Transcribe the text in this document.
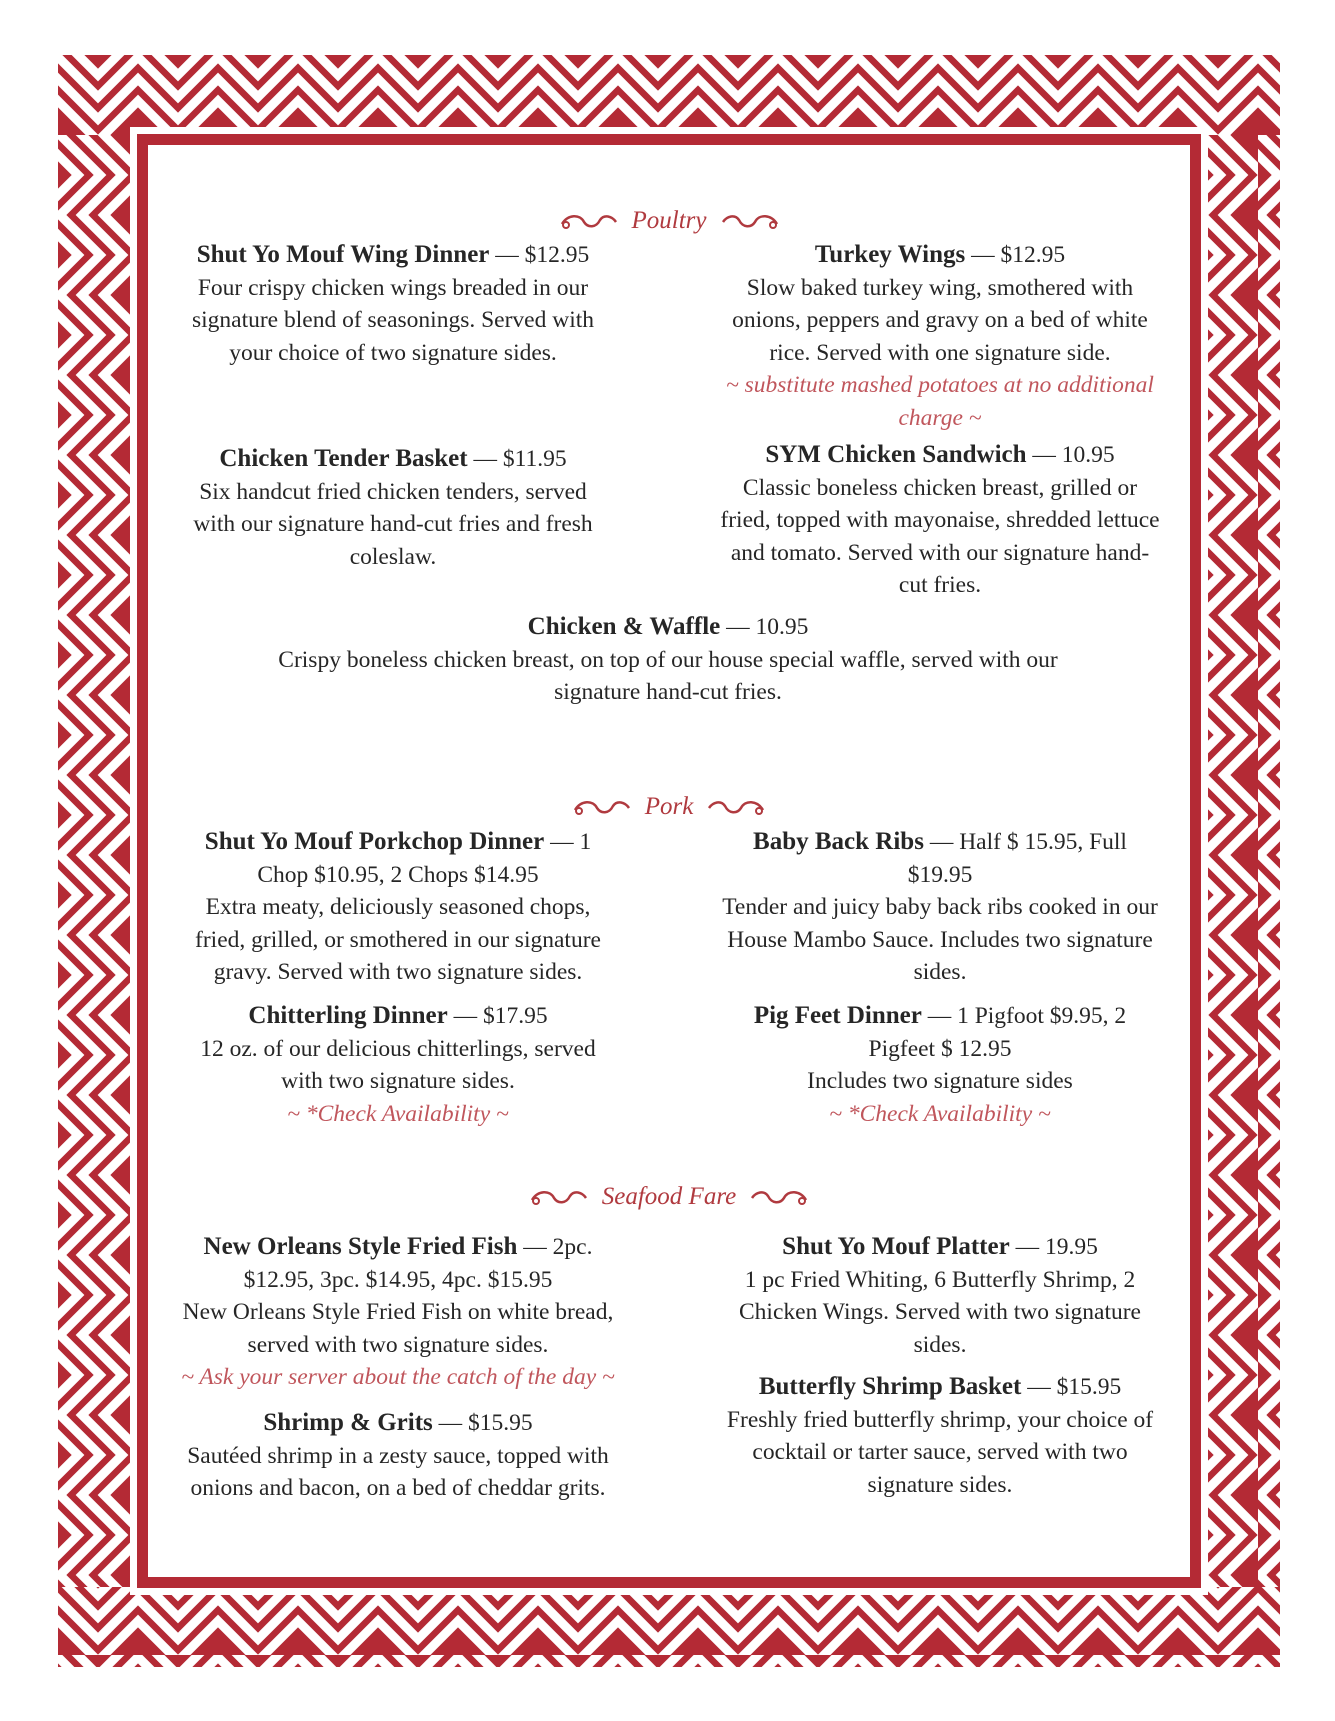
Poultry
Shut Yo Mouf Wing Dinner — $12.95
Four crispy chicken wings breaded in our signature blend of seasonings. Served with your choice of two signature sides.
Turkey Wings — $12.95
Slow baked turkey wing, smothered with onions, peppers and gravy on a bed of white rice. Served with one signature side.
~ substitute mashed potatoes at no additional charge ~
Chicken Tender Basket — $11.95
Six handcut fried chicken tenders, served with our signature hand-cut fries and fresh coleslaw.
SYM Chicken Sandwich — 10.95
Classic boneless chicken breast, grilled or fried, topped with mayonaise, shredded lettuce and tomato. Served with our signature hand-cut fries.
Chicken & Waffle — 10.95
Crispy boneless chicken breast, on top of our house special waffle, served with our signature hand-cut fries.
Pork
Shut Yo Mouf Porkchop Dinner — 1 Chop $10.95, 2 Chops $14.95
Extra meaty, deliciously seasoned chops, fried, grilled, or smothered in our signature gravy. Served with two signature sides.
Baby Back Ribs — Half $ 15.95, Full $19.95
Tender and juicy baby back ribs cooked in our House Mambo Sauce. Includes two signature sides.
Chitterling Dinner — $17.95
12 oz. of our delicious chitterlings, served with two signature sides.
~ *Check Availability ~
Pig Feet Dinner — 1 Pigfoot $9.95, 2 Pigfeet $ 12.95
Includes two signature sides
~ *Check Availability ~
Seafood Fare
New Orleans Style Fried Fish — 2pc. $12.95, 3pc. $14.95, 4pc. $15.95
New Orleans Style Fried Fish on white bread, served with two signature sides.
~ Ask your server about the catch of the day ~
Shut Yo Mouf Platter — 19.95
1 pc Fried Whiting, 6 Butterfly Shrimp, 2 Chicken Wings. Served with two signature sides.
Shrimp & Grits — $15.95
Sautéed shrimp in a zesty sauce, topped with onions and bacon, on a bed of cheddar grits.
Butterfly Shrimp Basket — $15.95
Freshly fried butterfly shrimp, your choice of cocktail or tarter sauce, served with two signature sides.
